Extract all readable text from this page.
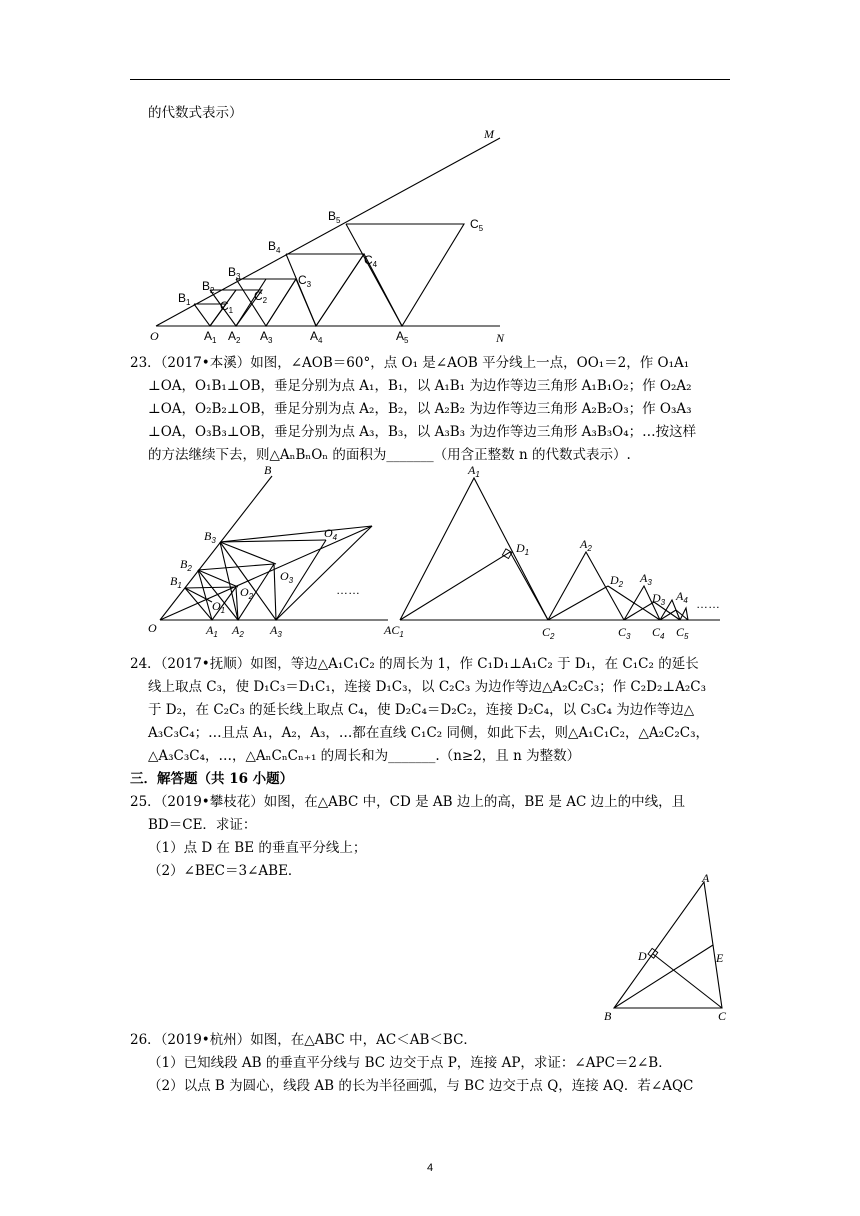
的代数式表示）
O
M
N
$A_1$ $A_2$ $A_3$	$A_4$	$A_5$
$B_1$
$B_2$
$B_3$
$B_4$
$B_5$
$C_1$
$C_2$
$C_3$
$C_4$
$C_5$
23．（2017•本溪）如图，∠AOB＝60°，点 O₁ 是∠AOB 平分线上一点，OO₁＝2，作 O₁A₁
⊥OA，O₁B₁⊥OB，垂足分别为点 A₁，B₁，以 A₁B₁ 为边作等边三角形 A₁B₁O₂；作 O₂A₂
⊥OA，O₂B₂⊥OB，垂足分别为点 A₂，B₂，以 A₂B₂ 为边作等边三角形 A₂B₂O₃；作 O₃A₃
⊥OA，O₃B₃⊥OB，垂足分别为点 A₃，B₃，以 A₃B₃ 为边作等边三角形 A₃B₃O₄；…按这样
的方法继续下去，则△AₙBₙOₙ 的面积为_______（用含正整数 n 的代数式表示）.
O
B
$B_1$
$B_2$
$B_3$
$A_1$ $A_2$ $A_3$
$O_1$
$O_2$
$O_3$
$O_4$
……
$A_1$
$A_2$
$A_3$
$A_4$
$D_1$
$D_2$
$D_3$
$AC_1$	$C_2$	$C_3$ $C_4$ $C_5$
……
24．（2017•抚顺）如图，等边△A₁C₁C₂ 的周长为 1，作 C₁D₁⊥A₁C₂ 于 D₁，在 C₁C₂ 的延长
线上取点 C₃，使 D₁C₃＝D₁C₁，连接 D₁C₃，以 C₂C₃ 为边作等边△A₂C₂C₃；作 C₂D₂⊥A₂C₃
于 D₂，在 C₂C₃ 的延长线上取点 C₄，使 D₂C₄＝D₂C₂，连接 D₂C₄，以 C₃C₄ 为边作等边△
A₃C₃C₄；…且点 A₁，A₂，A₃，…都在直线 C₁C₂ 同侧，如此下去，则△A₁C₁C₂，△A₂C₂C₃，
△A₃C₃C₄，…，△AₙCₙCₙ₊₁ 的周长和为_______.（n≥2，且 n 为整数）
三．解答题（共 16 小题）
25．（2019•攀枝花）如图，在△ABC 中，CD 是 AB 边上的高，BE 是 AC 边上的中线，且
BD＝CE．求证：
（1）点 D 在 BE 的垂直平分线上；
（2）∠BEC＝3∠ABE．	A
B	C
D	E
26．（2019•杭州）如图，在△ABC 中，AC＜AB＜BC．
（1）已知线段 AB 的垂直平分线与 BC 边交于点 P，连接 AP，求证：∠APC＝2∠B．
（2）以点 B 为圆心，线段 AB 的长为半径画弧，与 BC 边交于点 Q，连接 AQ．若∠AQC
4
